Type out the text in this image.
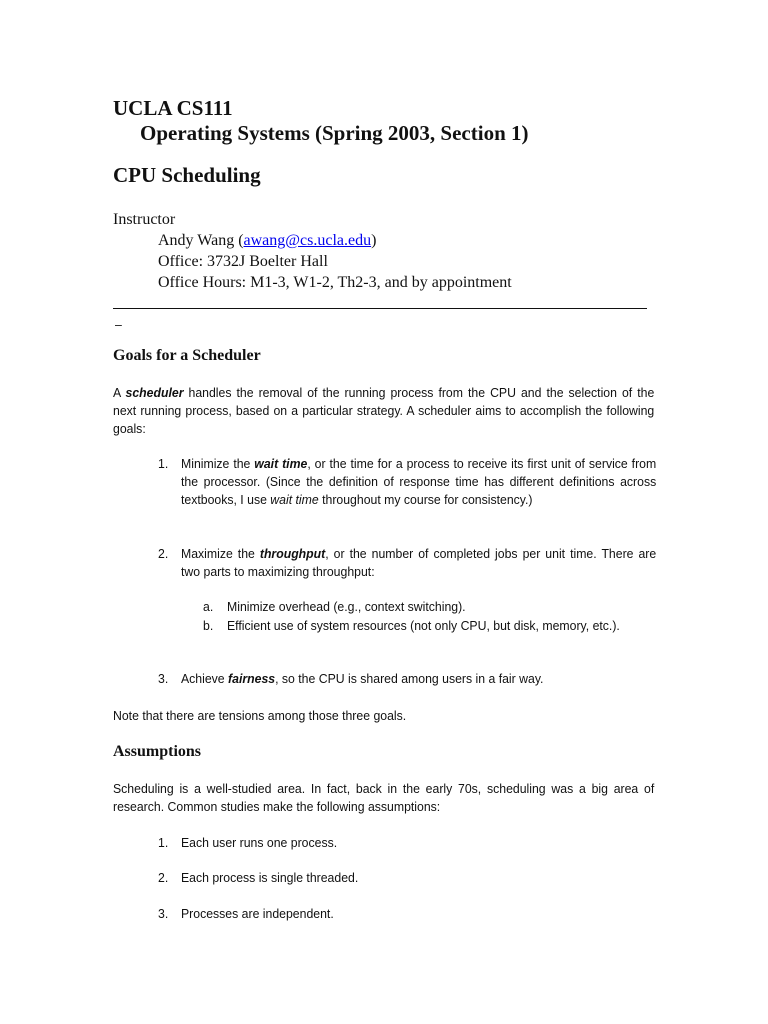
UCLA CS111
Operating Systems (Spring 2003, Section 1)
CPU Scheduling
Instructor
Andy Wang (awang@cs.ucla.edu)
Office: 3732J Boelter Hall
Office Hours: M1-3, W1-2, Th2-3, and by appointment
–
Goals for a Scheduler
A scheduler handles the removal of the running process from the CPU and the selection of the next running process, based on a particular strategy. A scheduler aims to accomplish the following goals:
1. Minimize the wait time, or the time for a process to receive its first unit of service from the processor. (Since the definition of response time has different definitions across textbooks, I use wait time throughout my course for consistency.)
2. Maximize the throughput, or the number of completed jobs per unit time. There are two parts to maximizing throughput:
a. Minimize overhead (e.g., context switching).
b. Efficient use of system resources (not only CPU, but disk, memory, etc.).
3. Achieve fairness, so the CPU is shared among users in a fair way.
Note that there are tensions among those three goals.
Assumptions
Scheduling is a well-studied area. In fact, back in the early 70s, scheduling was a big area of research. Common studies make the following assumptions:
1. Each user runs one process.
2. Each process is single threaded.
3. Processes are independent.
